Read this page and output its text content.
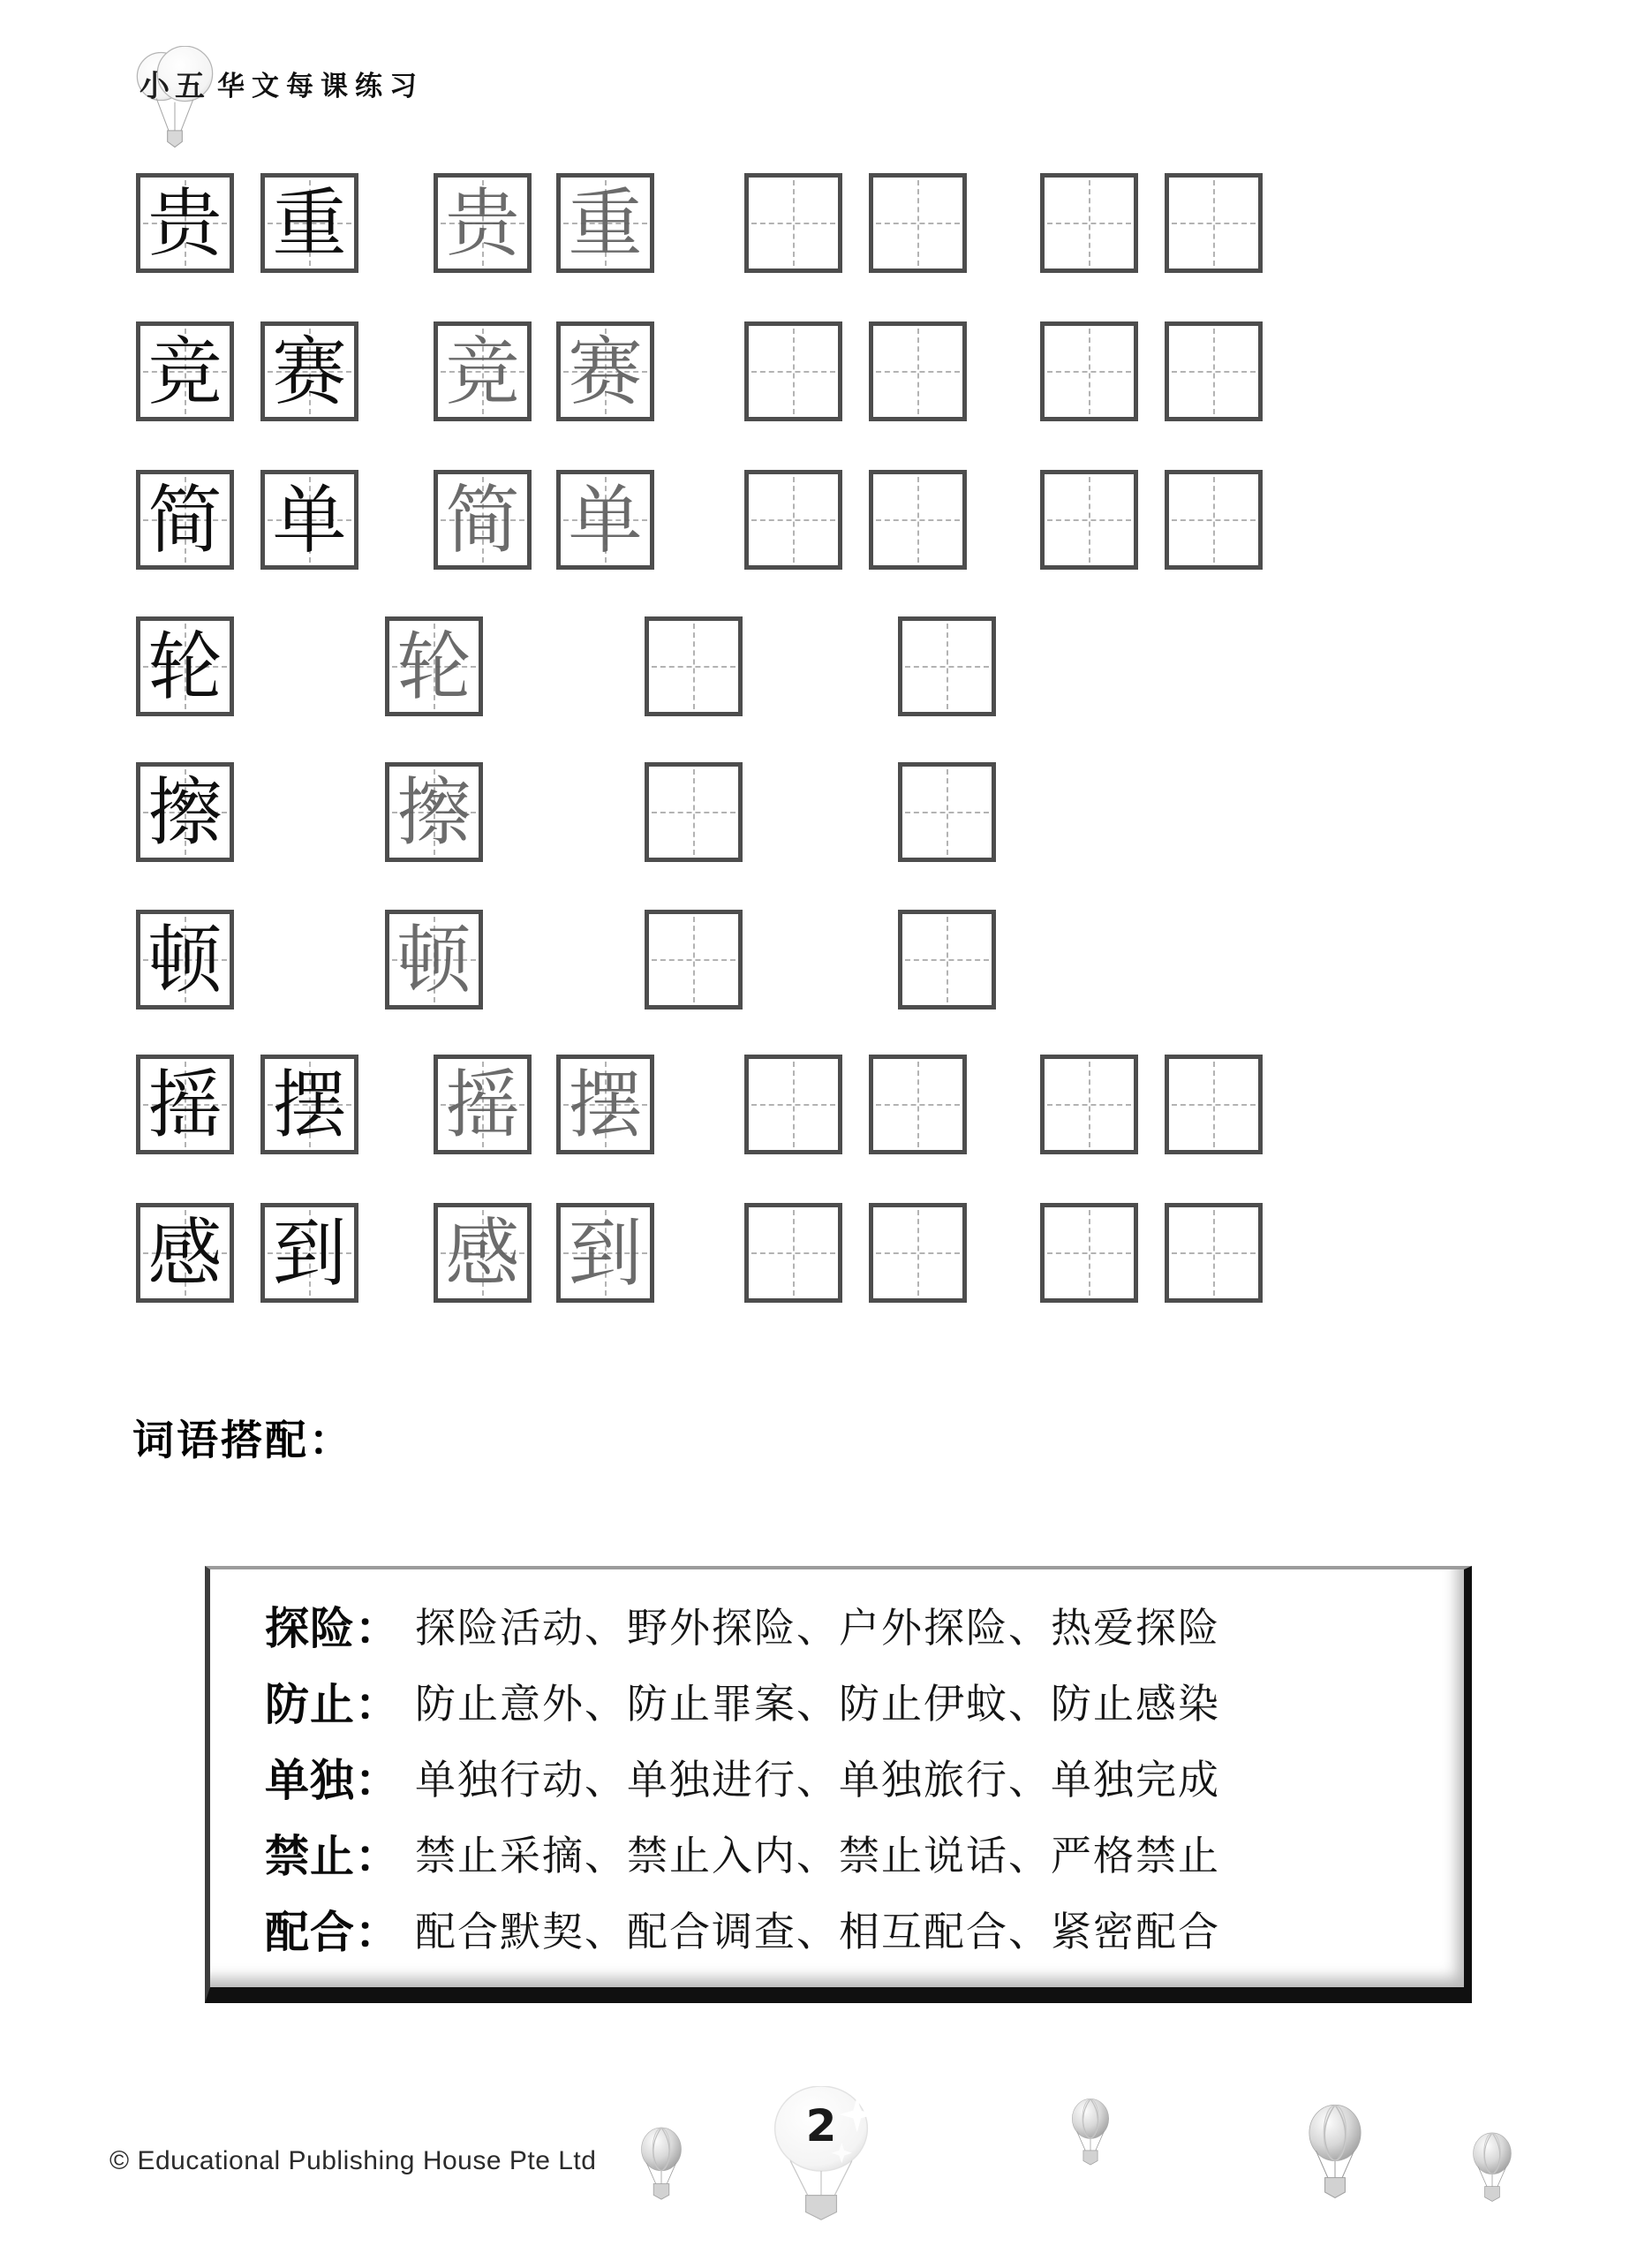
小五 华文每课练习
贵 重 贵 重
竞 赛 竞 赛
简 单 简 单
轮 轮
擦 擦
顿 顿
摇 摆 摇 摆
感 到 感 到
词语搭配：
探险： 探险活动、野外探险、户外探险、热爱探险
防止： 防止意外、防止罪案、防止伊蚊、防止感染
单独： 单独行动、单独进行、单独旅行、单独完成
禁止： 禁止采摘、禁止入内、禁止说话、严格禁止
配合： 配合默契、配合调查、相互配合、紧密配合
© Educational Publishing House Pte Ltd
2
